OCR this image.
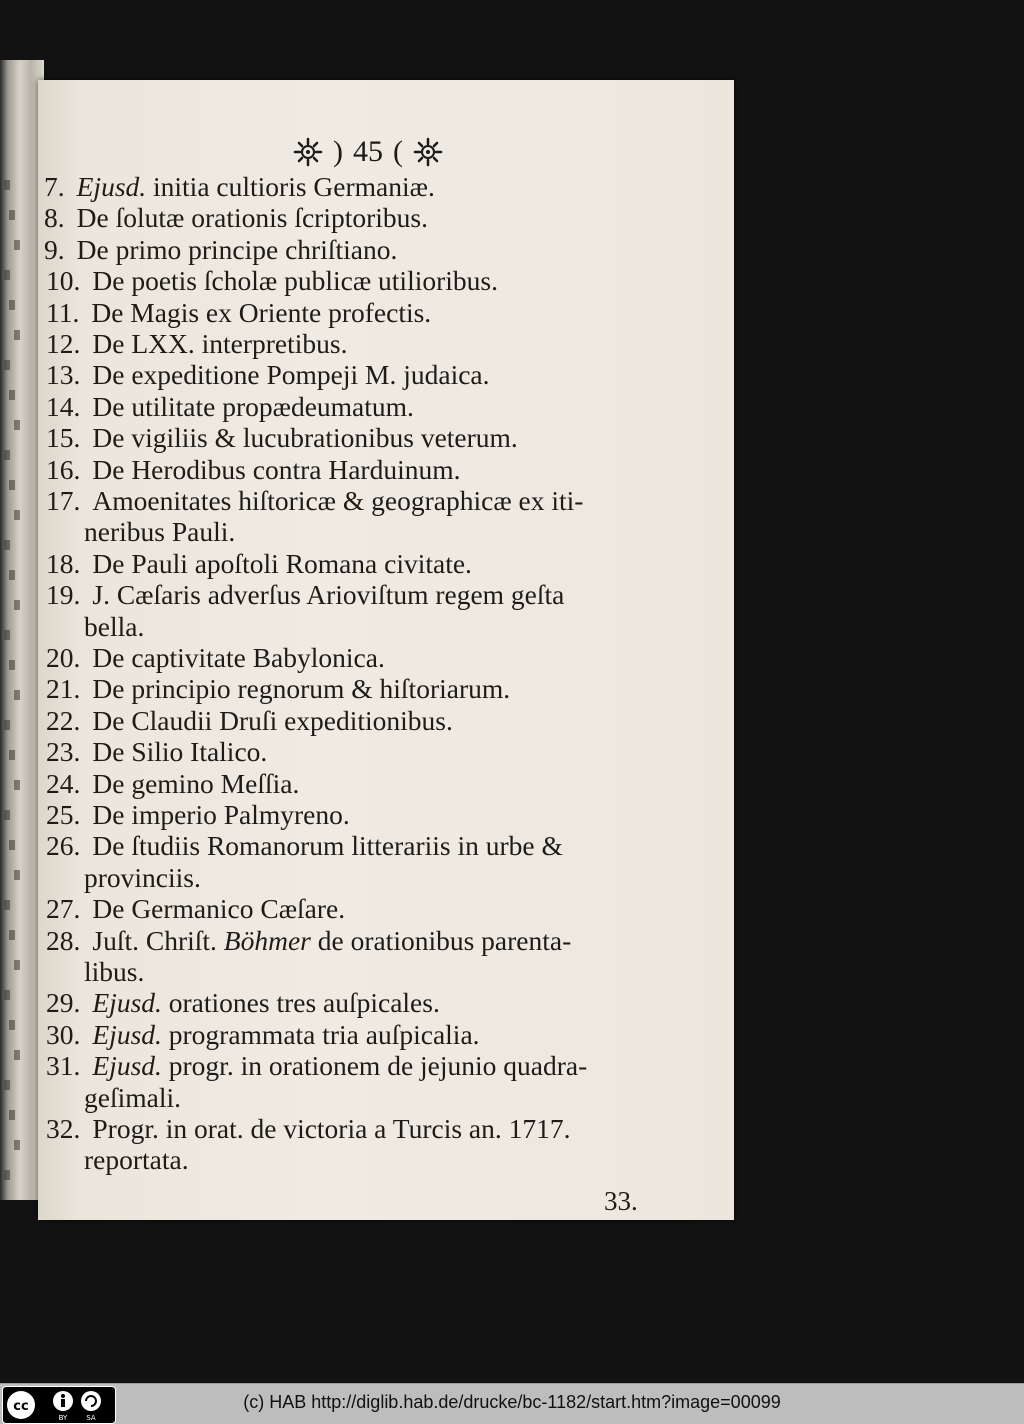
) 45 (
7. Ejusd. initia cultioris Germaniæ.
8. De ſolutæ orationis ſcriptoribus.
9. De primo principe chriſtiano.
10. De poetis ſcholæ publicæ utilioribus.
11. De Magis ex Oriente profectis.
12. De LXX. interpretibus.
13. De expeditione Pompeji M. judaica.
14. De utilitate propædeumatum.
15. De vigiliis & lucubrationibus veterum.
16. De Herodibus contra Harduinum.
17. Amoenitates hiſtoricæ & geographicæ ex iti-
neribus Pauli.
18. De Pauli apoſtoli Romana civitate.
19. J. Cæſaris adverſus Arioviſtum regem geſta
bella.
20. De captivitate Babylonica.
21. De principio regnorum & hiſtoriarum.
22. De Claudii Druſi expeditionibus.
23. De Silio Italico.
24. De gemino Meſſia.
25. De imperio Palmyreno.
26. De ſtudiis Romanorum litterariis in urbe &
provinciis.
27. De Germanico Cæſare.
28. Juſt. Chriſt. Böhmer de orationibus parenta-
libus.
29. Ejusd. orationes tres auſpicales.
30. Ejusd. programmata tria auſpicalia.
31. Ejusd. progr. in orationem de jejunio quadra-
geſimali.
32. Progr. in orat. de victoria a Turcis an. 1717.
reportata.
33.
cc
BY	SA
(c) HAB http://diglib.hab.de/drucke/bc-1182/start.htm?image=00099
